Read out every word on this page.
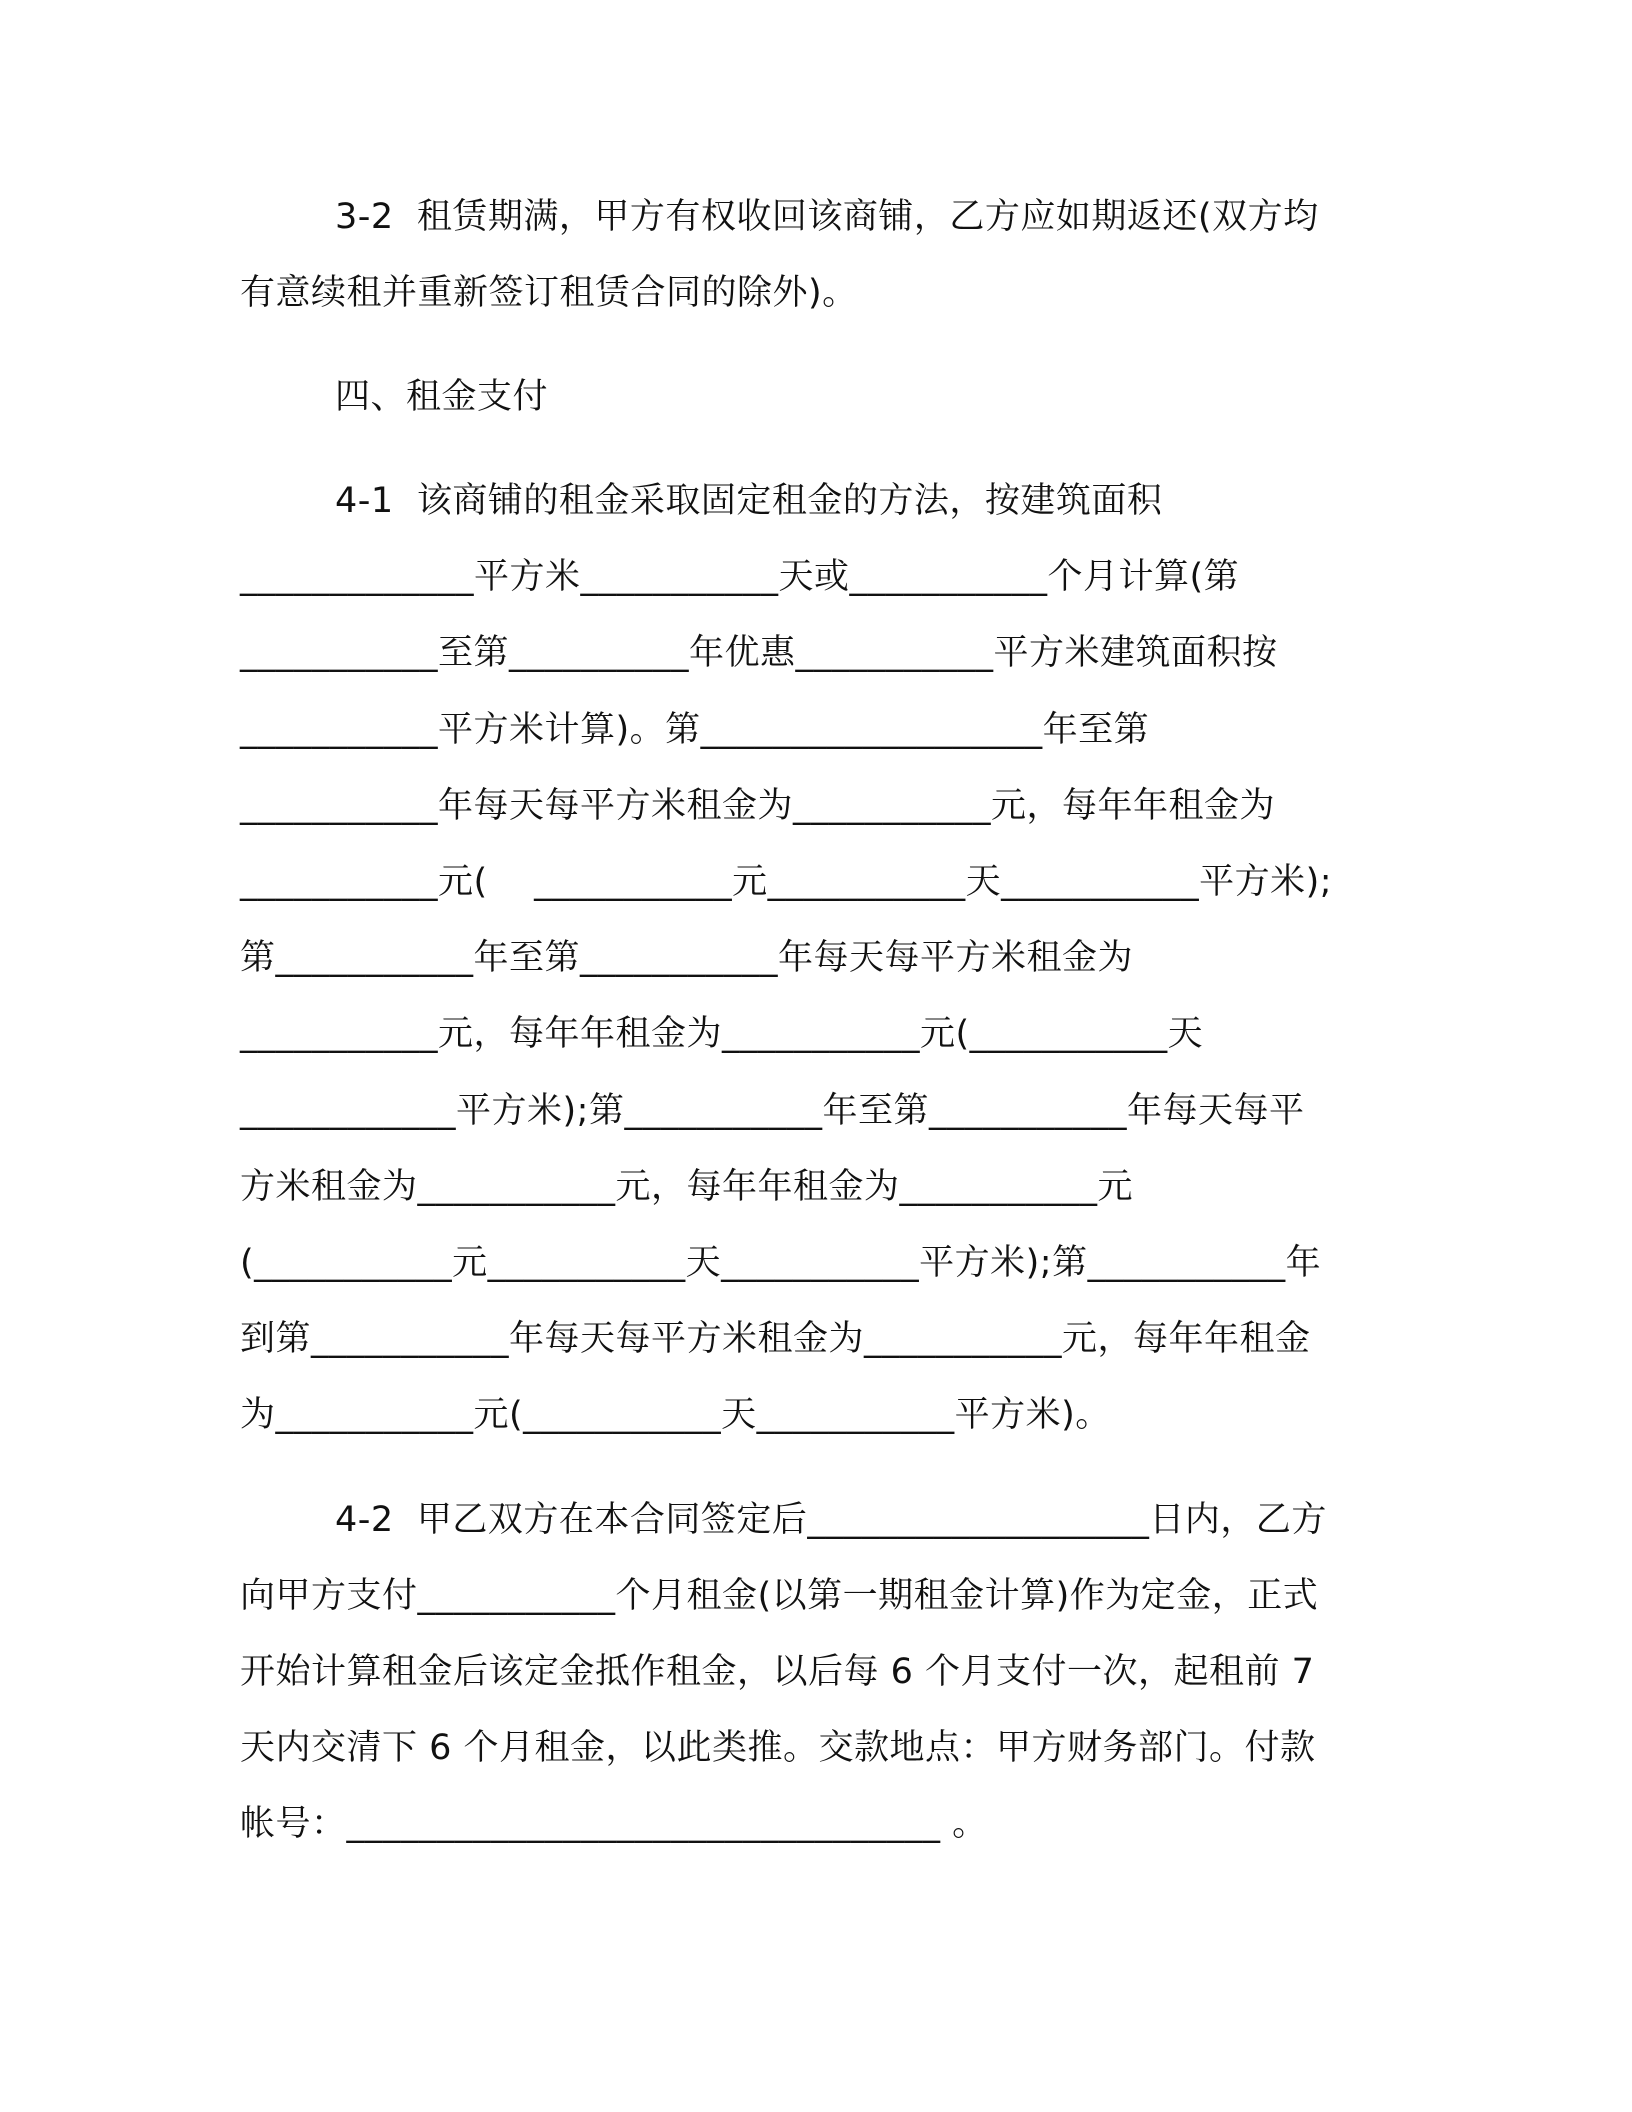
3-2  租赁期满，甲方有权收回该商铺，乙方应如期返还(双方均
有意续租并重新签订租赁合同的除外)。
四、租金支付
4-1  该商铺的租金采取固定租金的方法，按建筑面积
_____________平方米___________天或___________个月计算(第
___________至第__________年优惠___________平方米建筑面积按
___________平方米计算)。第___________________年至第
___________年每天每平方米租金为___________元，每年年租金为
___________元(    ___________元___________天___________平方米);
第___________年至第___________年每天每平方米租金为
___________元，每年年租金为___________元(___________天
____________平方米);第___________年至第___________年每天每平
方米租金为___________元，每年年租金为___________元
(___________元___________天___________平方米);第___________年
到第___________年每天每平方米租金为___________元，每年年租金
为___________元(___________天___________平方米)。
4-2  甲乙双方在本合同签定后___________________日内，乙方
向甲方支付___________个月租金(以第一期租金计算)作为定金，正式
开始计算租金后该定金抵作租金，以后每 6 个月支付一次，起租前 7
天内交清下 6 个月租金，以此类推。交款地点：甲方财务部门。付款
帐号：_________________________________ 。
